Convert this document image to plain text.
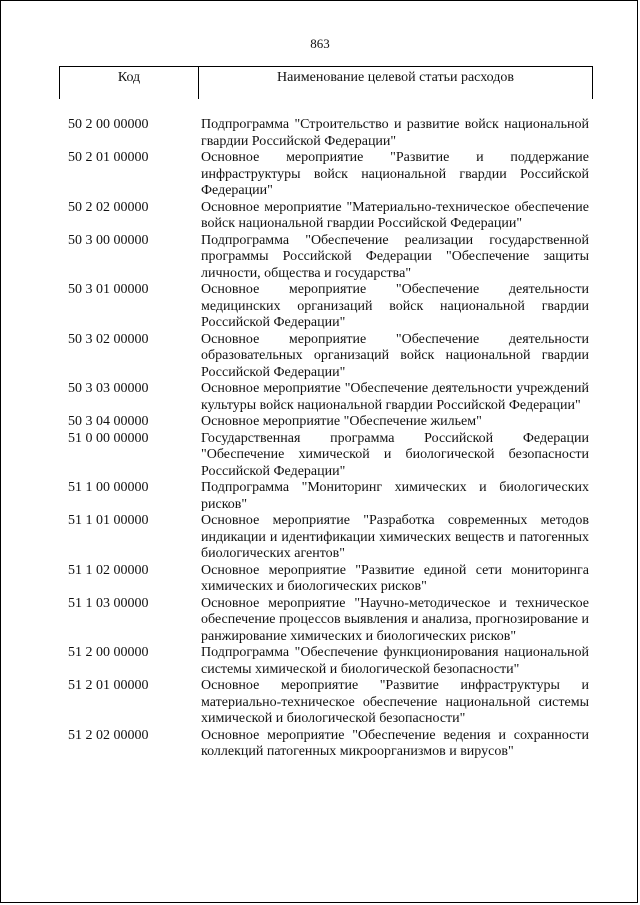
863
Код	Наименование целевой статьи расходов
50 2 00 00000	Подпрограмма "Строительство и развитие войск национальной гвардии Российской Федерации"
50 2 01 00000	Основное мероприятие "Развитие и поддержание инфраструктуры войск национальной гвардии Российской Федерации"
50 2 02 00000	Основное мероприятие "Материально-техническое обеспечение войск национальной гвардии Российской Федерации"
50 3 00 00000	Подпрограмма "Обеспечение реализации государственной программы Российской Федерации "Обеспечение защиты личности, общества и государства"
50 3 01 00000	Основное мероприятие "Обеспечение деятельности медицинских организаций войск национальной гвардии Российской Федерации"
50 3 02 00000	Основное мероприятие "Обеспечение деятельности образовательных организаций войск национальной гвардии Российской Федерации"
50 3 03 00000	Основное мероприятие "Обеспечение деятельности учреждений культуры войск национальной гвардии Российской Федерации"
50 3 04 00000	Основное мероприятие "Обеспечение жильем"
51 0 00 00000	Государственная программа Российской Федерации "Обеспечение химической и биологической безопасности Российской Федерации"
51 1 00 00000	Подпрограмма "Мониторинг химических и биологических рисков"
51 1 01 00000	Основное мероприятие "Разработка современных методов индикации и идентификации химических веществ и патогенных биологических агентов"
51 1 02 00000	Основное мероприятие "Развитие единой сети мониторинга химических и биологических рисков"
51 1 03 00000	Основное мероприятие "Научно-методическое и техническое обеспечение процессов выявления и анализа, прогнозирование и ранжирование химических и биологических рисков"
51 2 00 00000	Подпрограмма "Обеспечение функционирования национальной системы химической и биологической безопасности"
51 2 01 00000	Основное мероприятие "Развитие инфраструктуры и материально-техническое обеспечение национальной системы химической и биологической безопасности"
51 2 02 00000	Основное мероприятие "Обеспечение ведения и сохранности коллекций патогенных микроорганизмов и вирусов"
